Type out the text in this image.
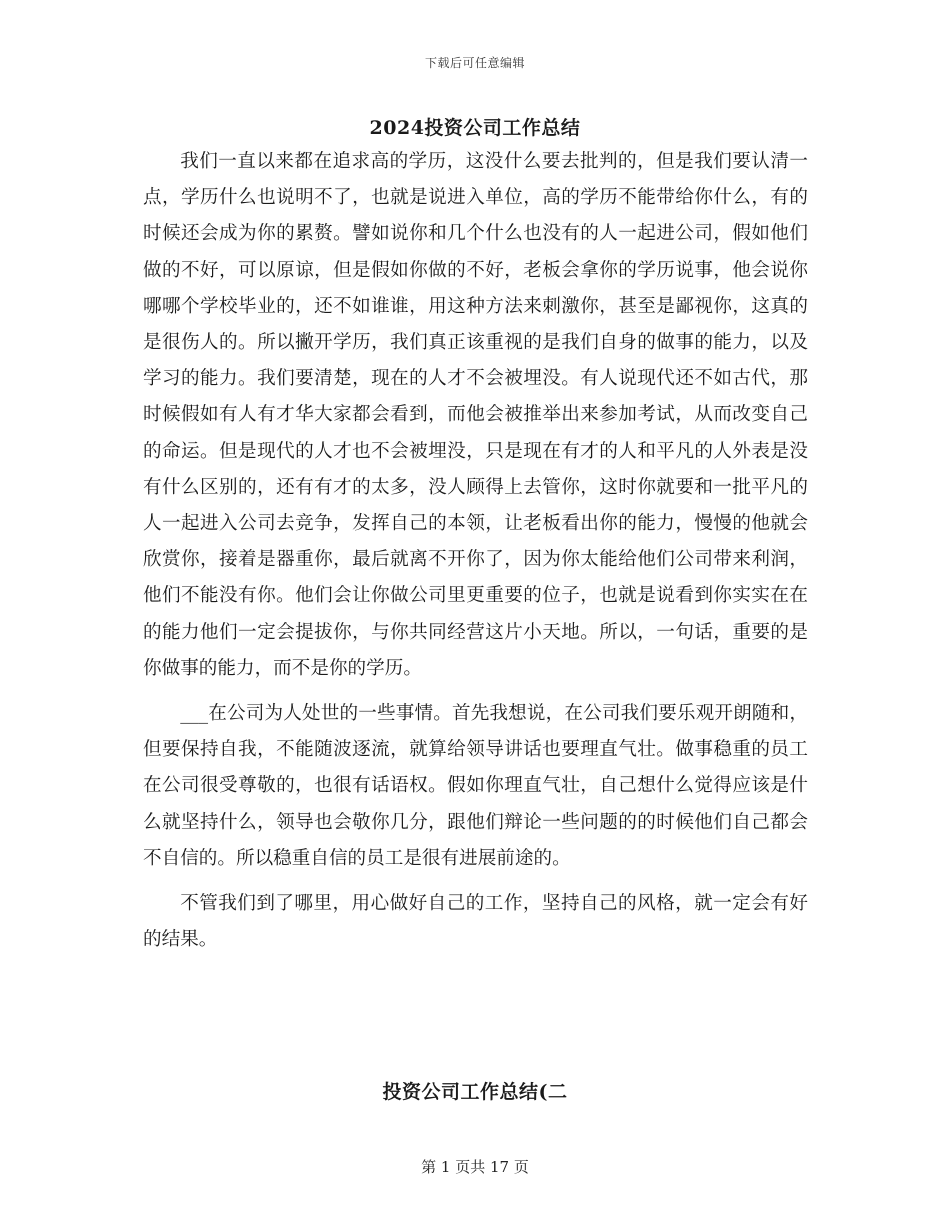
下载后可任意编辑
2024投资公司工作总结

我们一直以来都在追求高的学历，这没什么要去批判的，但是我们要认清一点，学历什么也说明不了，也就是说进入单位，高的学历不能带给你什么，有的时候还会成为你的累赘。譬如说你和几个什么也没有的人一起进公司，假如他们做的不好，可以原谅，但是假如你做的不好，老板会拿你的学历说事，他会说你哪哪个学校毕业的，还不如谁谁，用这种方法来刺激你，甚至是鄙视你，这真的是很伤人的。所以撇开学历，我们真正该重视的是我们自身的做事的能力，以及学习的能力。我们要清楚，现在的人才不会被埋没。有人说现代还不如古代，那时候假如有人有才华大家都会看到，而他会被推举出来参加考试，从而改变自己的命运。但是现代的人才也不会被埋没，只是现在有才的人和平凡的人外表是没有什么区别的，还有有才的太多，没人顾得上去管你，这时你就要和一批平凡的人一起进入公司去竞争，发挥自己的本领，让老板看出你的能力，慢慢的他就会欣赏你，接着是器重你，最后就离不开你了，因为你太能给他们公司带来利润，他们不能没有你。他们会让你做公司里更重要的位子，也就是说看到你实实在在的能力他们一定会提拔你，与你共同经营这片小天地。所以，一句话，重要的是你做事的能力，而不是你的学历。

___在公司为人处世的一些事情。首先我想说，在公司我们要乐观开朗随和，但要保持自我，不能随波逐流，就算给领导讲话也要理直气壮。做事稳重的员工在公司很受尊敬的，也很有话语权。假如你理直气壮，自己想什么觉得应该是什么就坚持什么，领导也会敬你几分，跟他们辩论一些问题的的时候他们自己都会不自信的。所以稳重自信的员工是很有进展前途的。

不管我们到了哪里，用心做好自己的工作，坚持自己的风格，就一定会有好的结果。

投资公司工作总结(二
第 1 页共 17 页
